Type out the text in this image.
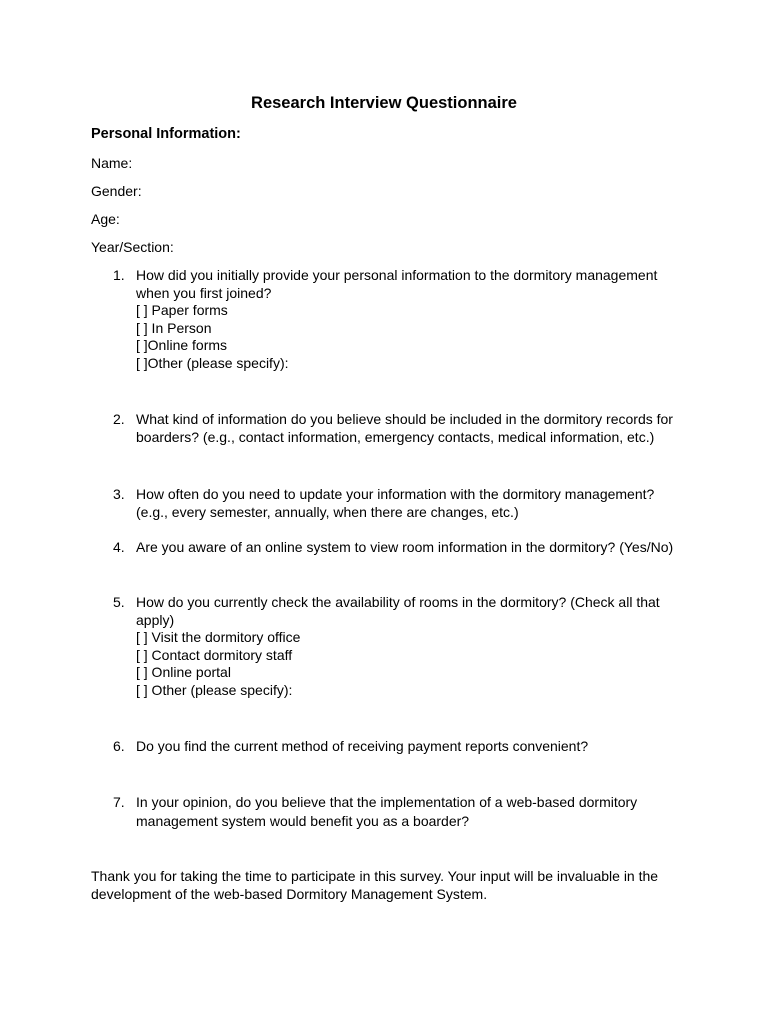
Research Interview Questionnaire
Personal Information:
Name:
Gender:
Age:
Year/Section:
1. How did you initially provide your personal information to the dormitory management
when you first joined?
[ ] Paper forms
[ ] In Person
[ ]Online forms
[ ]Other (please specify):
2. What kind of information do you believe should be included in the dormitory records for
boarders? (e.g., contact information, emergency contacts, medical information, etc.)
3. How often do you need to update your information with the dormitory management?
(e.g., every semester, annually, when there are changes, etc.)
4. Are you aware of an online system to view room information in the dormitory? (Yes/No)
5. How do you currently check the availability of rooms in the dormitory? (Check all that
apply)
[ ] Visit the dormitory office
[ ] Contact dormitory staff
[ ] Online portal
[ ] Other (please specify):
6. Do you find the current method of receiving payment reports convenient?
7. In your opinion, do you believe that the implementation of a web-based dormitory
management system would benefit you as a boarder?
Thank you for taking the time to participate in this survey. Your input will be invaluable in the
development of the web-based Dormitory Management System.
